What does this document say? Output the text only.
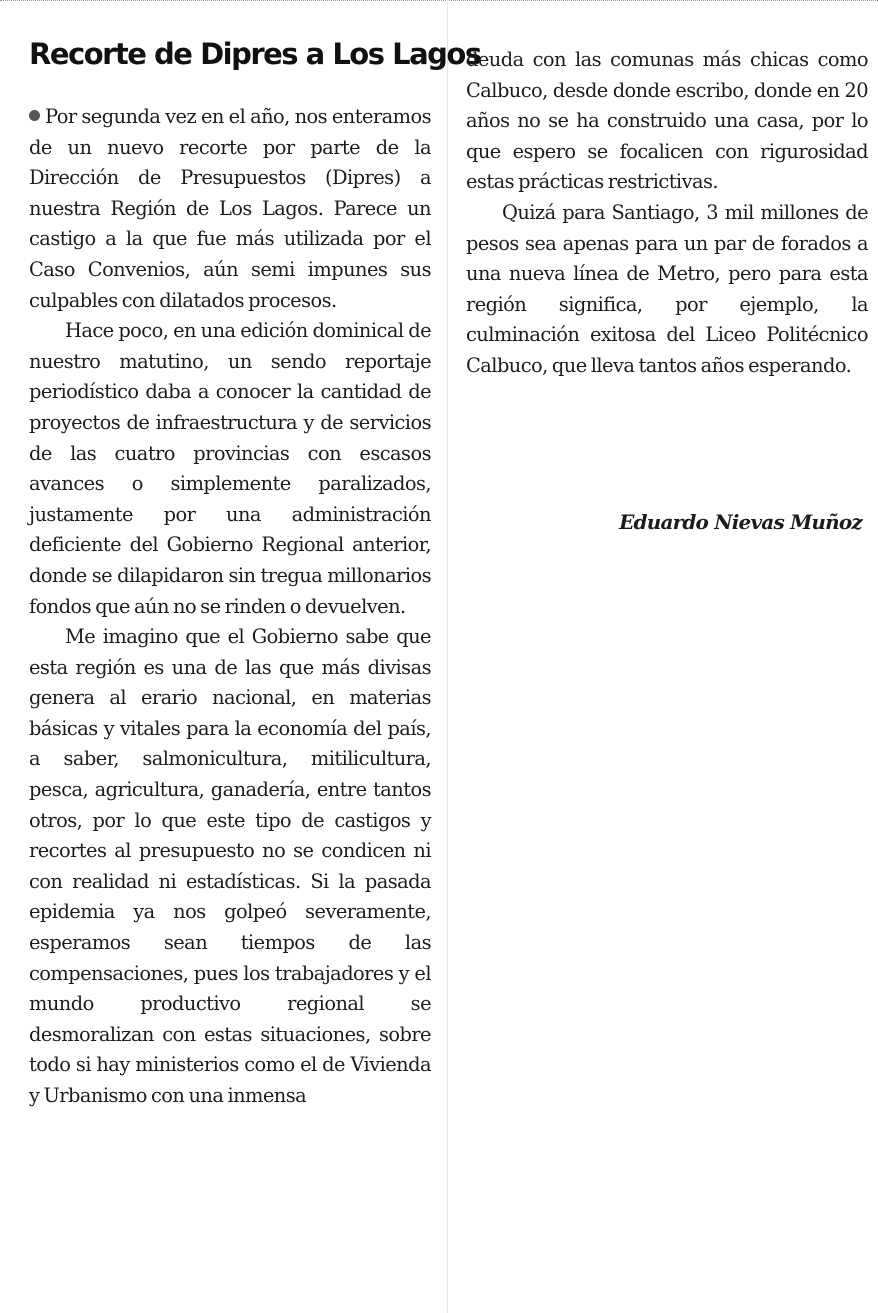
Recorte de Dipres a Los Lagos

Por segunda vez en el año, nos enteramos de un nuevo recorte por parte de la Dirección de Presupuestos (Dipres) a nuestra Región de Los Lagos. Parece un castigo a la que fue más utilizada por el Caso Convenios, aún semi impunes sus culpables con dilatados procesos.

Hace poco, en una edición dominical de nuestro matutino, un sendo reportaje periodístico daba a conocer la cantidad de proyectos de infraestructura y de servicios de las cuatro provincias con escasos avances o simplemente paralizados, justamente por una administración deficiente del Gobierno Regional anterior, donde se dilapidaron sin tregua millonarios fondos que aún no se rinden o devuelven.

Me imagino que el Gobierno sabe que esta región es una de las que más divisas genera al erario nacional, en materias básicas y vitales para la economía del país, a saber, salmonicultura, mitilicultura, pesca, agricultura, ganadería, entre tantos otros, por lo que este tipo de castigos y recortes al presupuesto no se condicen ni con realidad ni estadísticas. Si la pasada epidemia ya nos golpeó severamente, esperamos sean tiempos de las compensaciones, pues los trabajadores y el mundo productivo regional se desmoralizan con estas situaciones, sobre todo si hay ministerios como el de Vivienda y Urbanismo con una inmensa

deuda con las comunas más chicas como Calbuco, desde donde escribo, donde en 20 años no se ha construido una casa, por lo que espero se focalicen con rigurosidad estas prácticas restrictivas.

Quizá para Santiago, 3 mil millones de pesos sea apenas para un par de forados a una nueva línea de Metro, pero para esta región significa, por ejemplo, la culminación exitosa del Liceo Politécnico Calbuco, que lleva tantos años esperando.

Eduardo Nievas Muñoz
